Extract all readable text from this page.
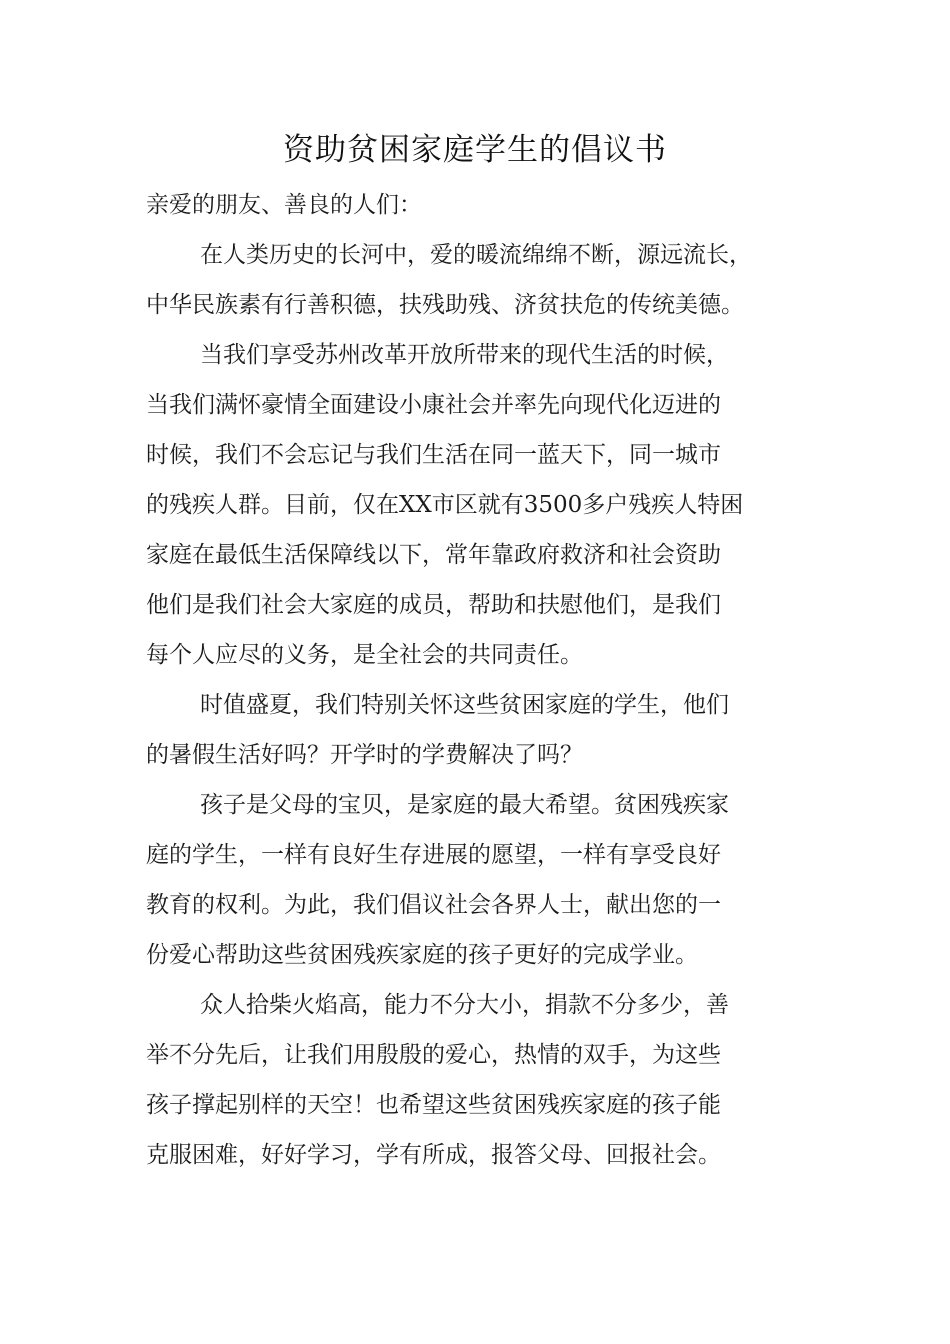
资助贫困家庭学生的倡议书
亲爱的朋友、善良的人们：
在人类历史的长河中，爱的暖流绵绵不断，源远流长，
中华民族素有行善积德，扶残助残、济贫扶危的传统美德。
当我们享受苏州改革开放所带来的现代生活的时候，
当我们满怀豪情全面建设小康社会并率先向现代化迈进的
时候，我们不会忘记与我们生活在同一蓝天下，同一城市
的残疾人群。目前，仅在XX市区就有3500多户残疾人特困
家庭在最低生活保障线以下，常年靠政府救济和社会资助
他们是我们社会大家庭的成员，帮助和扶慰他们，是我们
每个人应尽的义务，是全社会的共同责任。
时值盛夏，我们特别关怀这些贫困家庭的学生，他们
的暑假生活好吗？开学时的学费解决了吗？
孩子是父母的宝贝，是家庭的最大希望。贫困残疾家
庭的学生，一样有良好生存进展的愿望，一样有享受良好
教育的权利。为此，我们倡议社会各界人士，献出您的一
份爱心帮助这些贫困残疾家庭的孩子更好的完成学业。
众人拾柴火焰高，能力不分大小，捐款不分多少，善
举不分先后，让我们用殷殷的爱心，热情的双手，为这些
孩子撑起别样的天空！也希望这些贫困残疾家庭的孩子能
克服困难，好好学习，学有所成，报答父母、回报社会。
